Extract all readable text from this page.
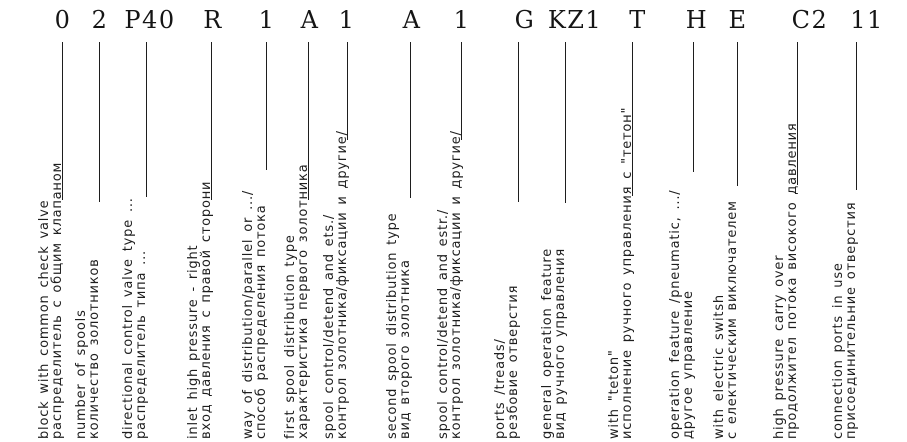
0
block with common check valve
распределитель с общим клапаном
2
number of spools
количество золотников
P40
directional control valve type ...
распределитель типа ...
R
inlet high pressure - right
вход давления с правой сторони
1
way of distribution/parallel or .../
способ распределения потока
A
first spool distribution type
характеристика первого золотника
1
spool control/detend and ets./
контрол золотника/фиксации и другие/
A
second spool distribution type
вид второго золотника
1
spool control/detend and estr./
контрол золотника/фиксации и другие/
G
ports /treads/
резбовие отверстия
KZ1
general operation feature
вид ручного управления
T
with "teton"
исполнение ручного управления с "тетон"
H
operation feature /pneumatic, .../
другое управление
E
with electric switsh
с електическим виключателем
C2
high pressure carry over
продолжител потока високого давления
11
connection ports in use
присоединительние отверстия
